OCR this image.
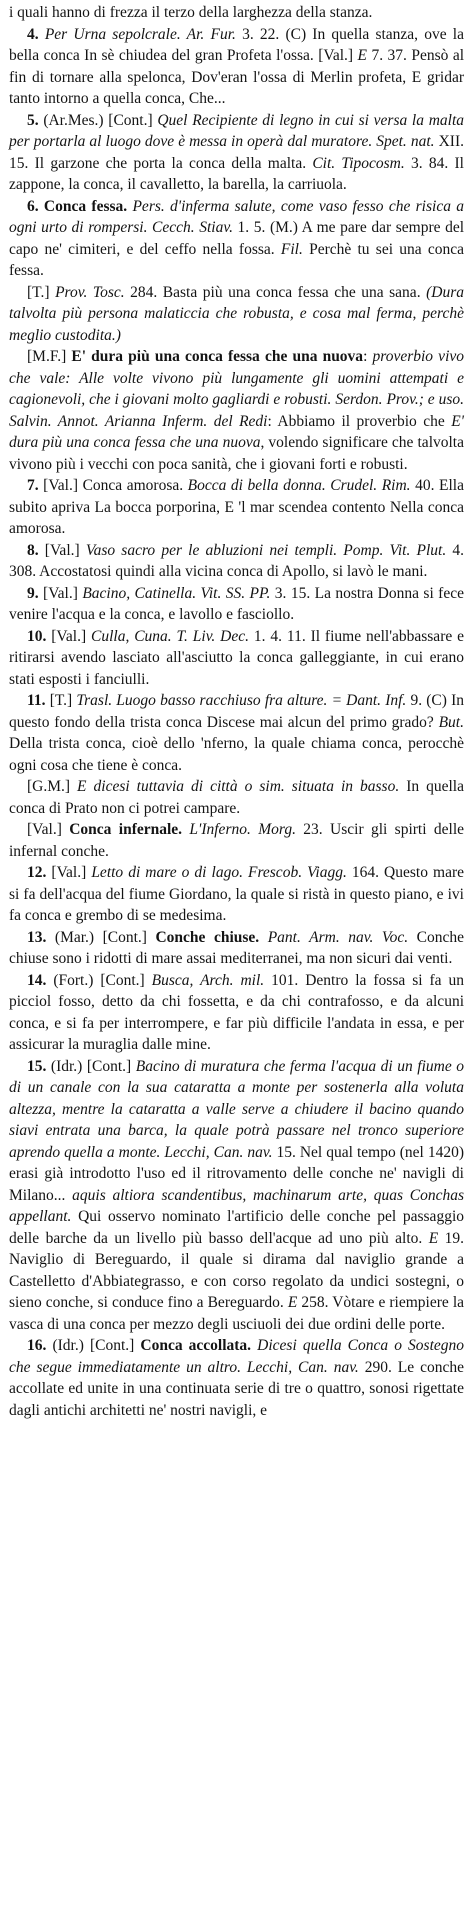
i quali hanno di frezza il terzo della larghezza della stanza.

4. Per Urna sepolcrale. Ar. Fur. 3. 22. (C) In quella stanza, ove la bella conca In sè chiudea del gran Profeta l'ossa. [Val.] E 7. 37. Pensò al fin di tornare alla spelonca, Dov'eran l'ossa di Merlin profeta, E gridar tanto intorno a quella conca, Che...

5. (Ar.Mes.) [Cont.] Quel Recipiente di legno in cui si versa la malta per portarla al luogo dove è messa in operà dal muratore. Spet. nat. XII. 15. Il garzone che porta la conca della malta. Cit. Tipocosm. 3. 84. Il zappone, la conca, il cavalletto, la barella, la carriuola.

6. Conca fessa. Pers. d'inferma salute, come vaso fesso che risica a ogni urto di rompersi. Cecch. Stiav. 1. 5. (M.) A me pare dar sempre del capo ne' cimiteri, e del ceffo nella fossa. Fil. Perchè tu sei una conca fessa.

[T.] Prov. Tosc. 284. Basta più una conca fessa che una sana. (Dura talvolta più persona malaticcia che robusta, e cosa mal ferma, perchè meglio custodita.)

[M.F.] E' dura più una conca fessa che una nuova: proverbio vivo che vale: Alle volte vivono più lungamente gli uomini attempati e cagionevoli, che i giovani molto gagliardi e robusti. Serdon. Prov.; e uso. Salvin. Annot. Arianna Inferm. del Redi: Abbiamo il proverbio che E' dura più una conca fessa che una nuova, volendo significare che talvolta vivono più i vecchi con poca sanità, che i giovani forti e robusti.

7. [Val.] Conca amorosa. Bocca di bella donna. Crudel. Rim. 40. Ella subito apriva La bocca porporina, E 'l mar scendea contento Nella conca amorosa.

8. [Val.] Vaso sacro per le abluzioni nei templi. Pomp. Vit. Plut. 4. 308. Accostatosi quindi alla vicina conca di Apollo, si lavò le mani.

9. [Val.] Bacino, Catinella. Vit. SS. PP. 3. 15. La nostra Donna si fece venire l'acqua e la conca, e lavollo e fasciollo.

10. [Val.] Culla, Cuna. T. Liv. Dec. 1. 4. 11. Il fiume nell'abbassare e ritirarsi avendo lasciato all'asciutto la conca galleggiante, in cui erano stati esposti i fanciulli.

11. [T.] Trasl. Luogo basso racchiuso fra alture. = Dant. Inf. 9. (C) In questo fondo della trista conca Discese mai alcun del primo grado? But. Della trista conca, cioè dello 'nferno, la quale chiama conca, perocchè ogni cosa che tiene è conca.

[G.M.] E dicesi tuttavia di città o sim. situata in basso. In quella conca di Prato non ci potrei campare.

[Val.] Conca infernale. L'Inferno. Morg. 23. Uscir gli spirti delle infernal conche.

12. [Val.] Letto di mare o di lago. Frescob. Viagg. 164. Questo mare si fa dell'acqua del fiume Giordano, la quale si ristà in questo piano, e ivi fa conca e grembo di se medesima.

13. (Mar.) [Cont.] Conche chiuse. Pant. Arm. nav. Voc. Conche chiuse sono i ridotti di mare assai mediterranei, ma non sicuri dai venti.

14. (Fort.) [Cont.] Busca, Arch. mil. 101. Dentro la fossa si fa un picciol fosso, detto da chi fossetta, e da chi contrafosso, e da alcuni conca, e si fa per interrompere, e far più difficile l'andata in essa, e per assicurar la muraglia dalle mine.

15. (Idr.) [Cont.] Bacino di muratura che ferma l'acqua di un fiume o di un canale con la sua cataratta a monte per sostenerla alla voluta altezza, mentre la cataratta a valle serve a chiudere il bacino quando siavi entrata una barca, la quale potrà passare nel tronco superiore aprendo quella a monte. Lecchi, Can. nav. 15. Nel qual tempo (nel 1420) erasi già introdotto l'uso ed il ritrovamento delle conche ne' navigli di Milano... aquis altiora scandentibus, machinarum arte, quas Conchas appellant. Qui osservo nominato l'artificio delle conche pel passaggio delle barche da un livello più basso dell'acque ad uno più alto. E 19. Naviglio di Bereguardo, il quale si dirama dal naviglio grande a Castelletto d'Abbiategrasso, e con corso regolato da undici sostegni, o sieno conche, si conduce fino a Bereguardo. E 258. Vòtare e riempiere la vasca di una conca per mezzo degli usciuoli dei due ordini delle porte.

16. (Idr.) [Cont.] Conca accollata. Dicesi quella Conca o Sostegno che segue immediatamente un altro. Lecchi, Can. nav. 290. Le conche accollate ed unite in una continuata serie di tre o quattro, sonosi rigettate dagli antichi architetti ne' nostri navigli, e
